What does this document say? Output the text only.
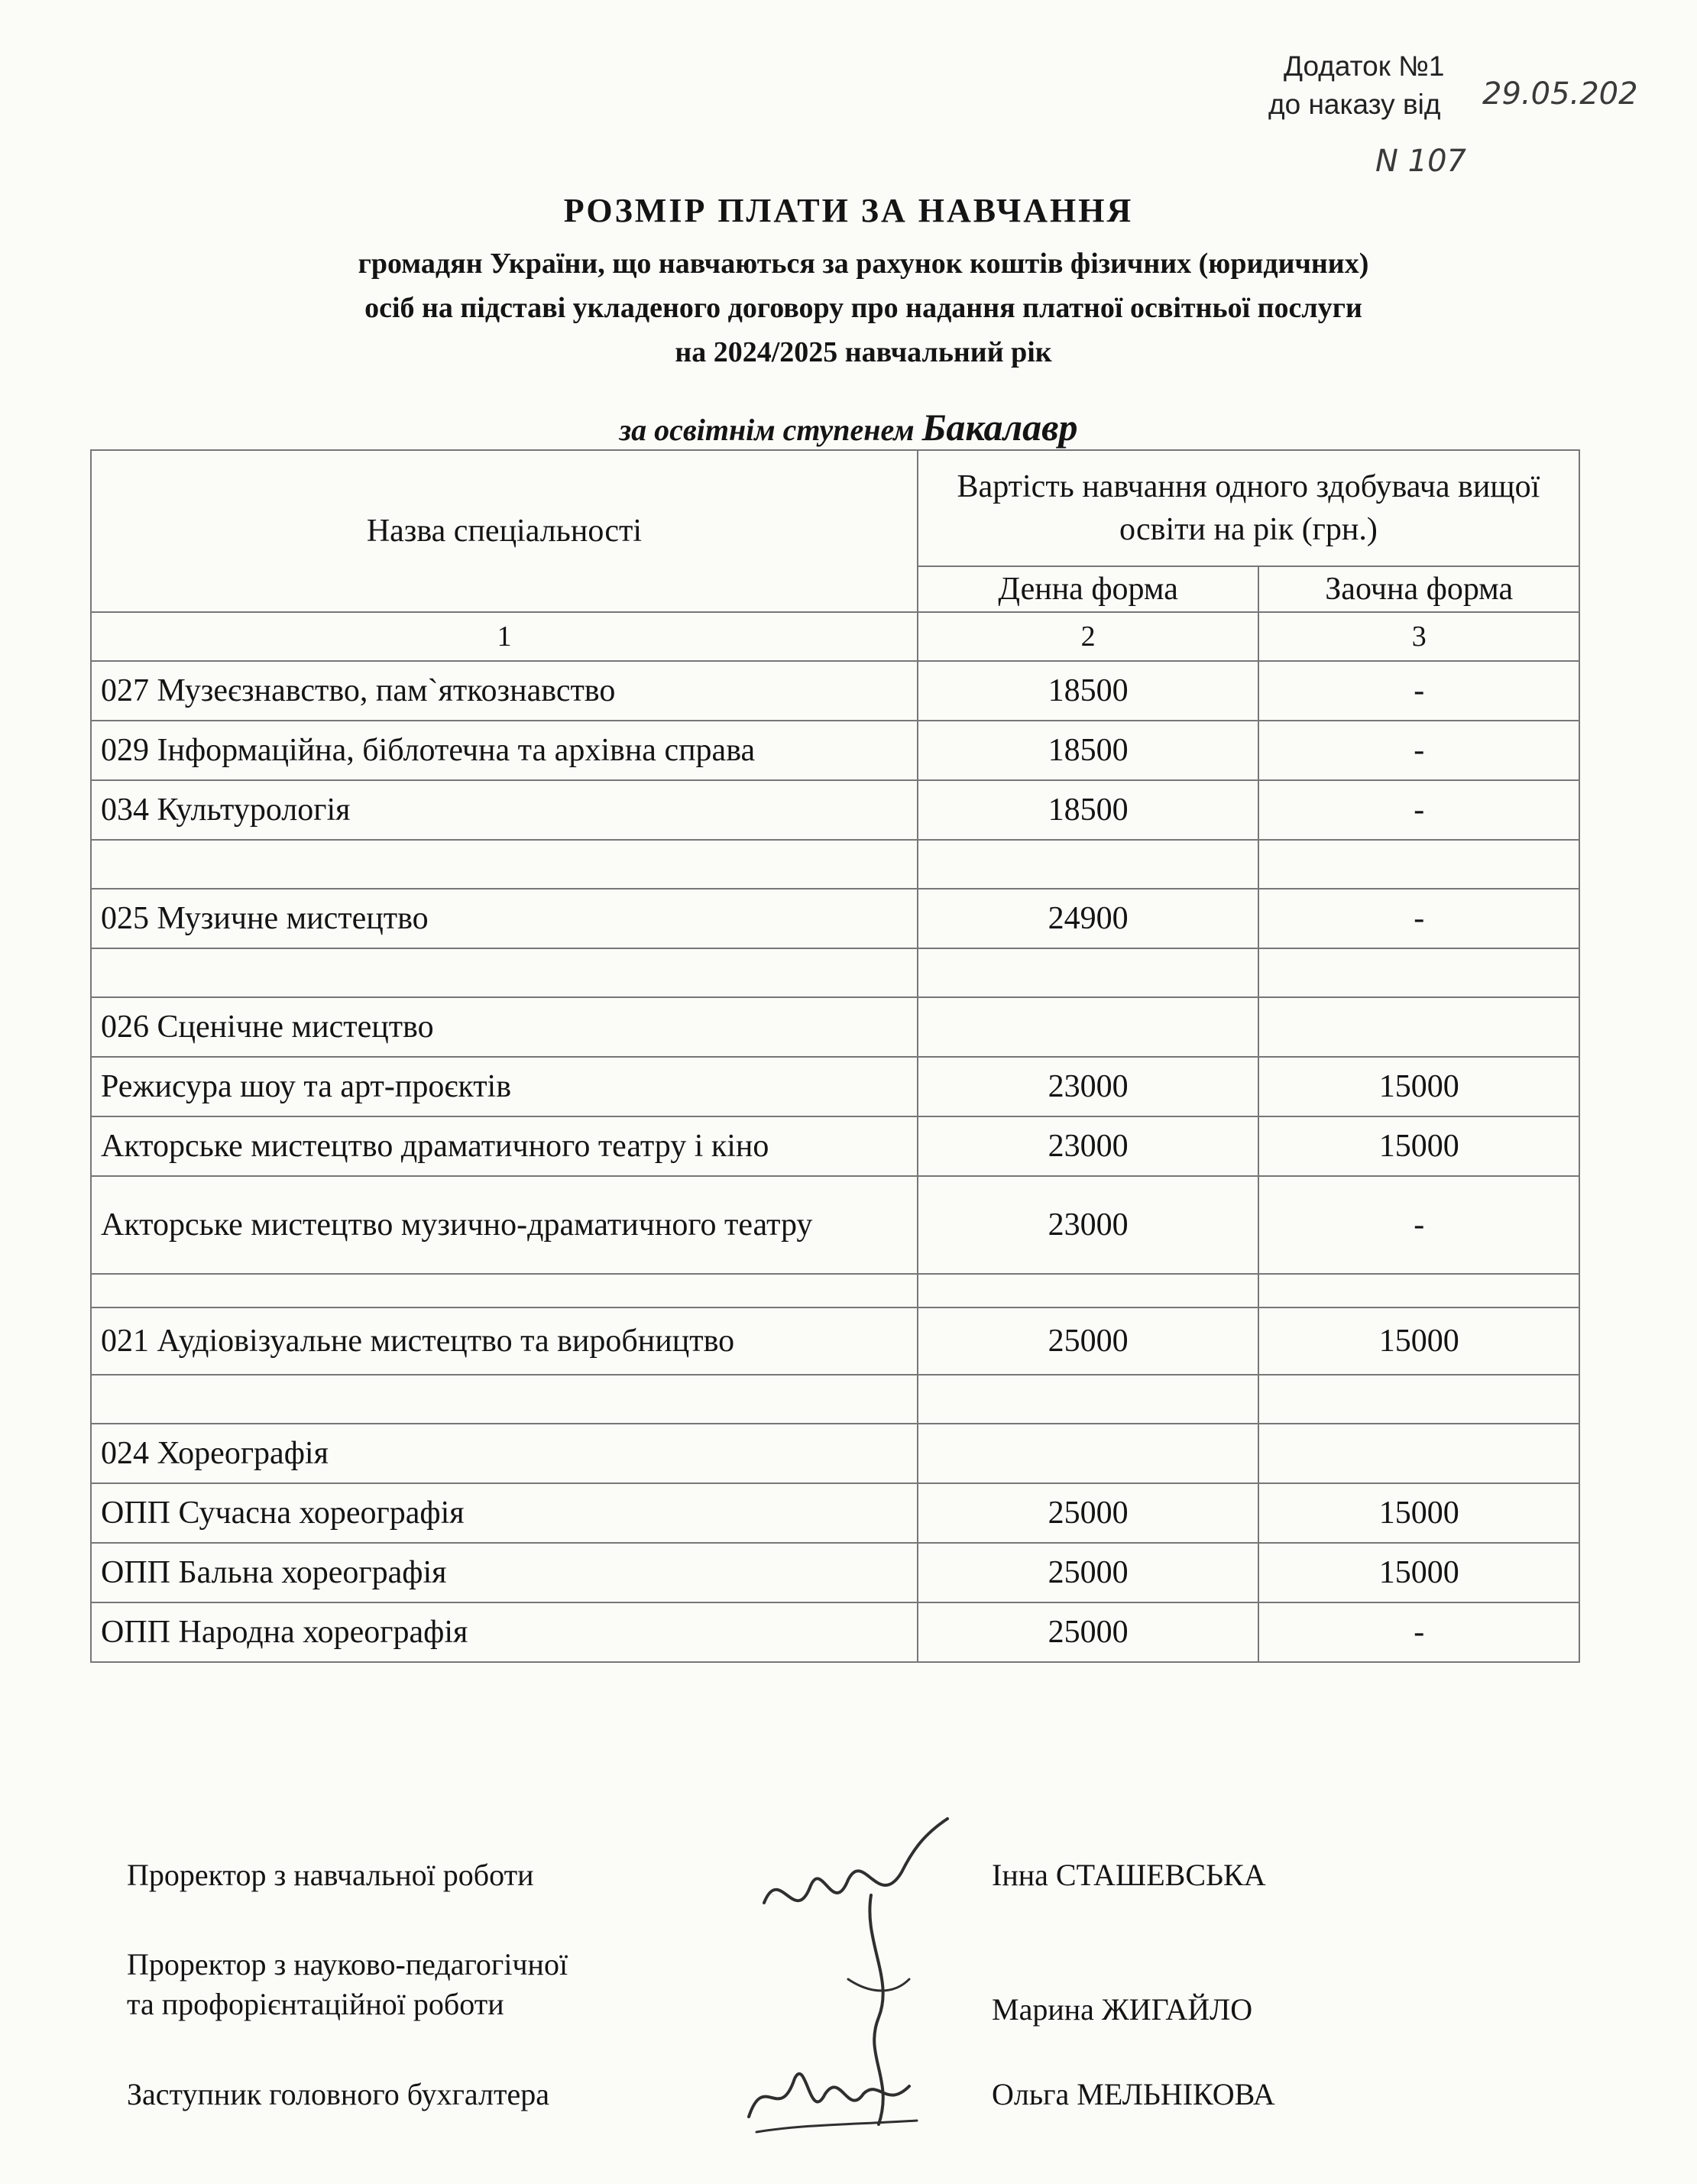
Додаток №1
до наказу від 29.05.202
N 107
РОЗМІР ПЛАТИ ЗА НАВЧАННЯ
громадян України, що навчаються за рахунок коштів фізичних (юридичних)
осіб на підставі укладеного договору про надання платної освітньої послуги
на 2024/2025 навчальний рік
за освітнім ступенем Бакалавр
Назва спеціальності	Вартість навчання одного здобувача вищої освіти на рік (грн.)	
	Денна форма	Заочна форма
1	2	3
027 Музеєзнавство, пам`яткознавство	18500	-
029 Інформаційна, біблотечна та архівна справа	18500	-
034 Культурологія	18500	-

025 Музичне мистецтво	24900	-

026 Сценічне мистецтво		
Режисура шоу та арт-проєктів	23000	15000
Акторське мистецтво драматичного театру і кіно	23000	15000
Акторське мистецтво музично-драматичного театру	23000	-

021 Аудіовізуальне мистецтво та виробництво	25000	15000

024 Хореографія		
ОПП Сучасна хореографія	25000	15000
ОПП Бальна хореографія	25000	15000
ОПП Народна хореографія	25000	-
Проректор з навчальної роботи	Інна СТАШЕВСЬКА
Проректор з науково-педагогічної
та профорієнтаційної роботи	Марина ЖИГАЙЛО
Заступник головного бухгалтера	Ольга МЕЛЬНІКОВА
Шваг
Мел
